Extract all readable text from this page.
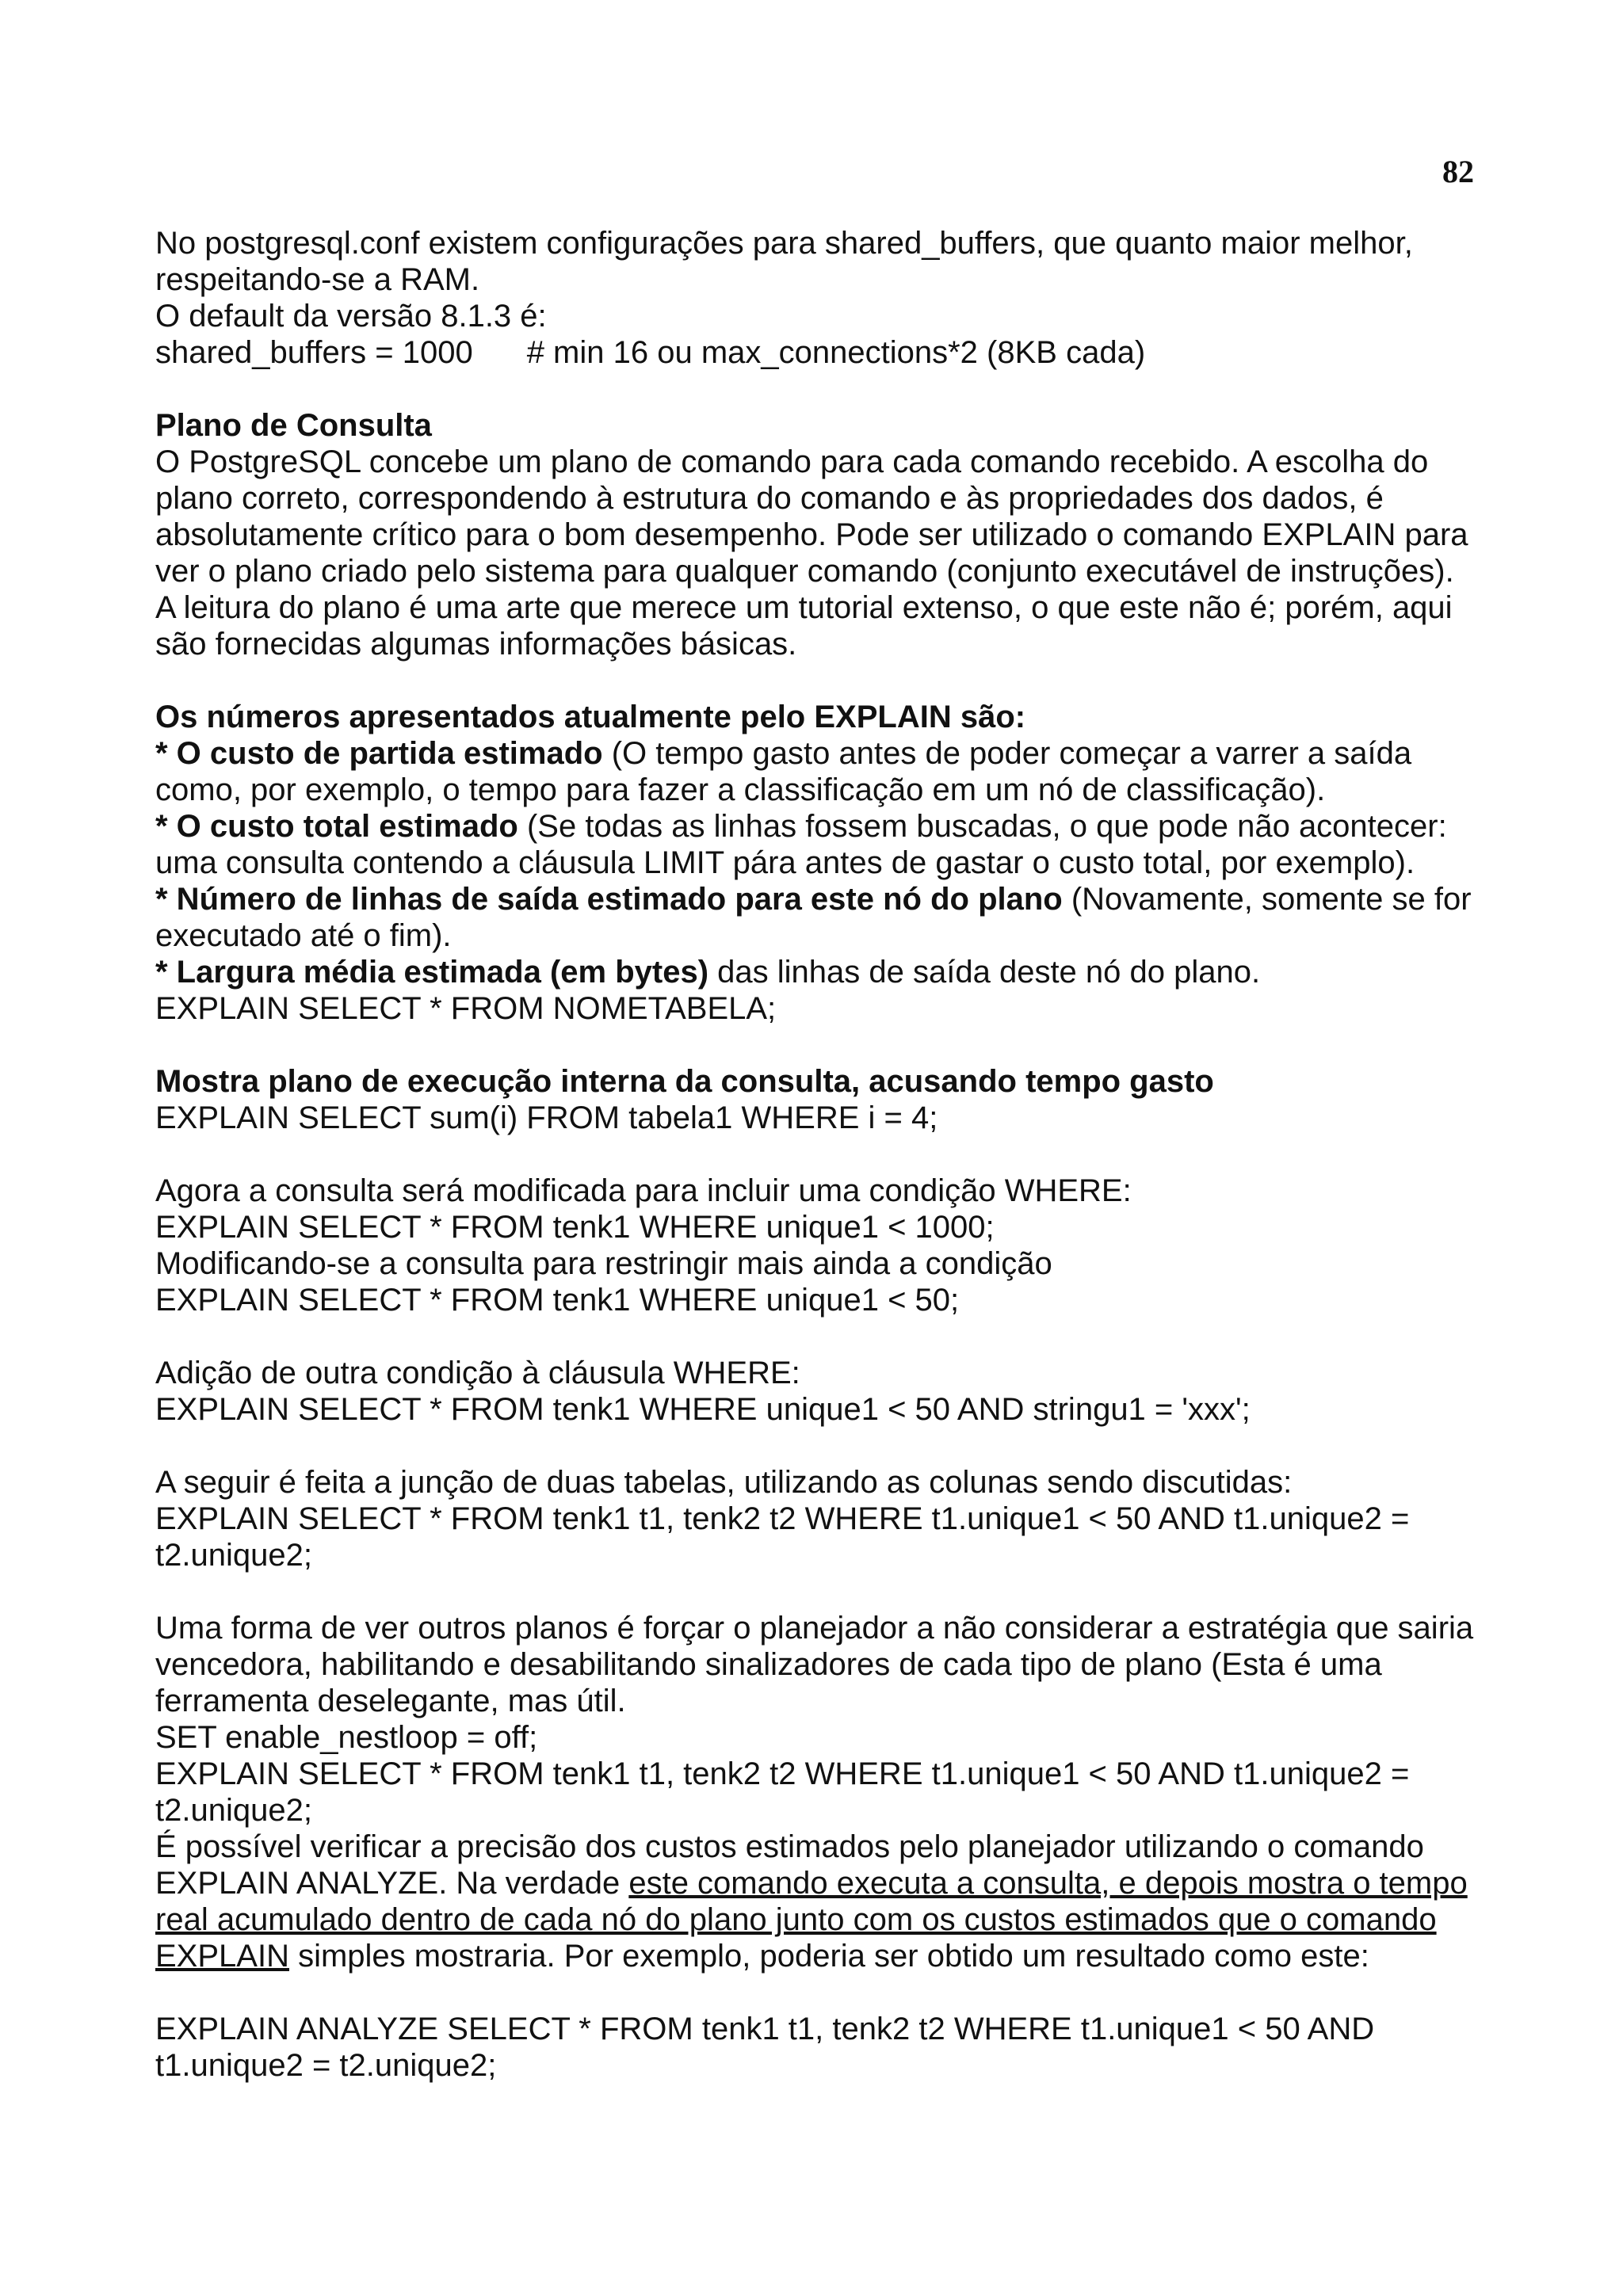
82
No postgresql.conf existem configurações para shared_buffers, que quanto maior melhor,
respeitando-se a RAM.
O default da versão 8.1.3 é:
shared_buffers = 1000 # min 16 ou max_connections*2 (8KB cada)
Plano de Consulta
O PostgreSQL concebe um plano de comando para cada comando recebido. A escolha do
plano correto, correspondendo à estrutura do comando e às propriedades dos dados, é
absolutamente crítico para o bom desempenho. Pode ser utilizado o comando EXPLAIN para
ver o plano criado pelo sistema para qualquer comando (conjunto executável de instruções).
A leitura do plano é uma arte que merece um tutorial extenso, o que este não é; porém, aqui
são fornecidas algumas informações básicas.
Os números apresentados atualmente pelo EXPLAIN são:
* O custo de partida estimado (O tempo gasto antes de poder começar a varrer a saída
como, por exemplo, o tempo para fazer a classificação em um nó de classificação).
* O custo total estimado (Se todas as linhas fossem buscadas, o que pode não acontecer:
uma consulta contendo a cláusula LIMIT pára antes de gastar o custo total, por exemplo).
* Número de linhas de saída estimado para este nó do plano (Novamente, somente se for
executado até o fim).
* Largura média estimada (em bytes) das linhas de saída deste nó do plano.
EXPLAIN SELECT * FROM NOMETABELA;
Mostra plano de execução interna da consulta, acusando tempo gasto
EXPLAIN SELECT sum(i) FROM tabela1 WHERE i = 4;
Agora a consulta será modificada para incluir uma condição WHERE:
EXPLAIN SELECT * FROM tenk1 WHERE unique1 < 1000;
Modificando-se a consulta para restringir mais ainda a condição
EXPLAIN SELECT * FROM tenk1 WHERE unique1 < 50;
Adição de outra condição à cláusula WHERE:
EXPLAIN SELECT * FROM tenk1 WHERE unique1 < 50 AND stringu1 = 'xxx';
A seguir é feita a junção de duas tabelas, utilizando as colunas sendo discutidas:
EXPLAIN SELECT * FROM tenk1 t1, tenk2 t2 WHERE t1.unique1 < 50 AND t1.unique2 =
t2.unique2;
Uma forma de ver outros planos é forçar o planejador a não considerar a estratégia que sairia
vencedora, habilitando e desabilitando sinalizadores de cada tipo de plano (Esta é uma
ferramenta deselegante, mas útil.
SET enable_nestloop = off;
EXPLAIN SELECT * FROM tenk1 t1, tenk2 t2 WHERE t1.unique1 < 50 AND t1.unique2 =
t2.unique2;
É possível verificar a precisão dos custos estimados pelo planejador utilizando o comando
EXPLAIN ANALYZE. Na verdade este comando executa a consulta, e depois mostra o tempo
real acumulado dentro de cada nó do plano junto com os custos estimados que o comando
EXPLAIN simples mostraria. Por exemplo, poderia ser obtido um resultado como este:
EXPLAIN ANALYZE SELECT * FROM tenk1 t1, tenk2 t2 WHERE t1.unique1 < 50 AND
t1.unique2 = t2.unique2;
